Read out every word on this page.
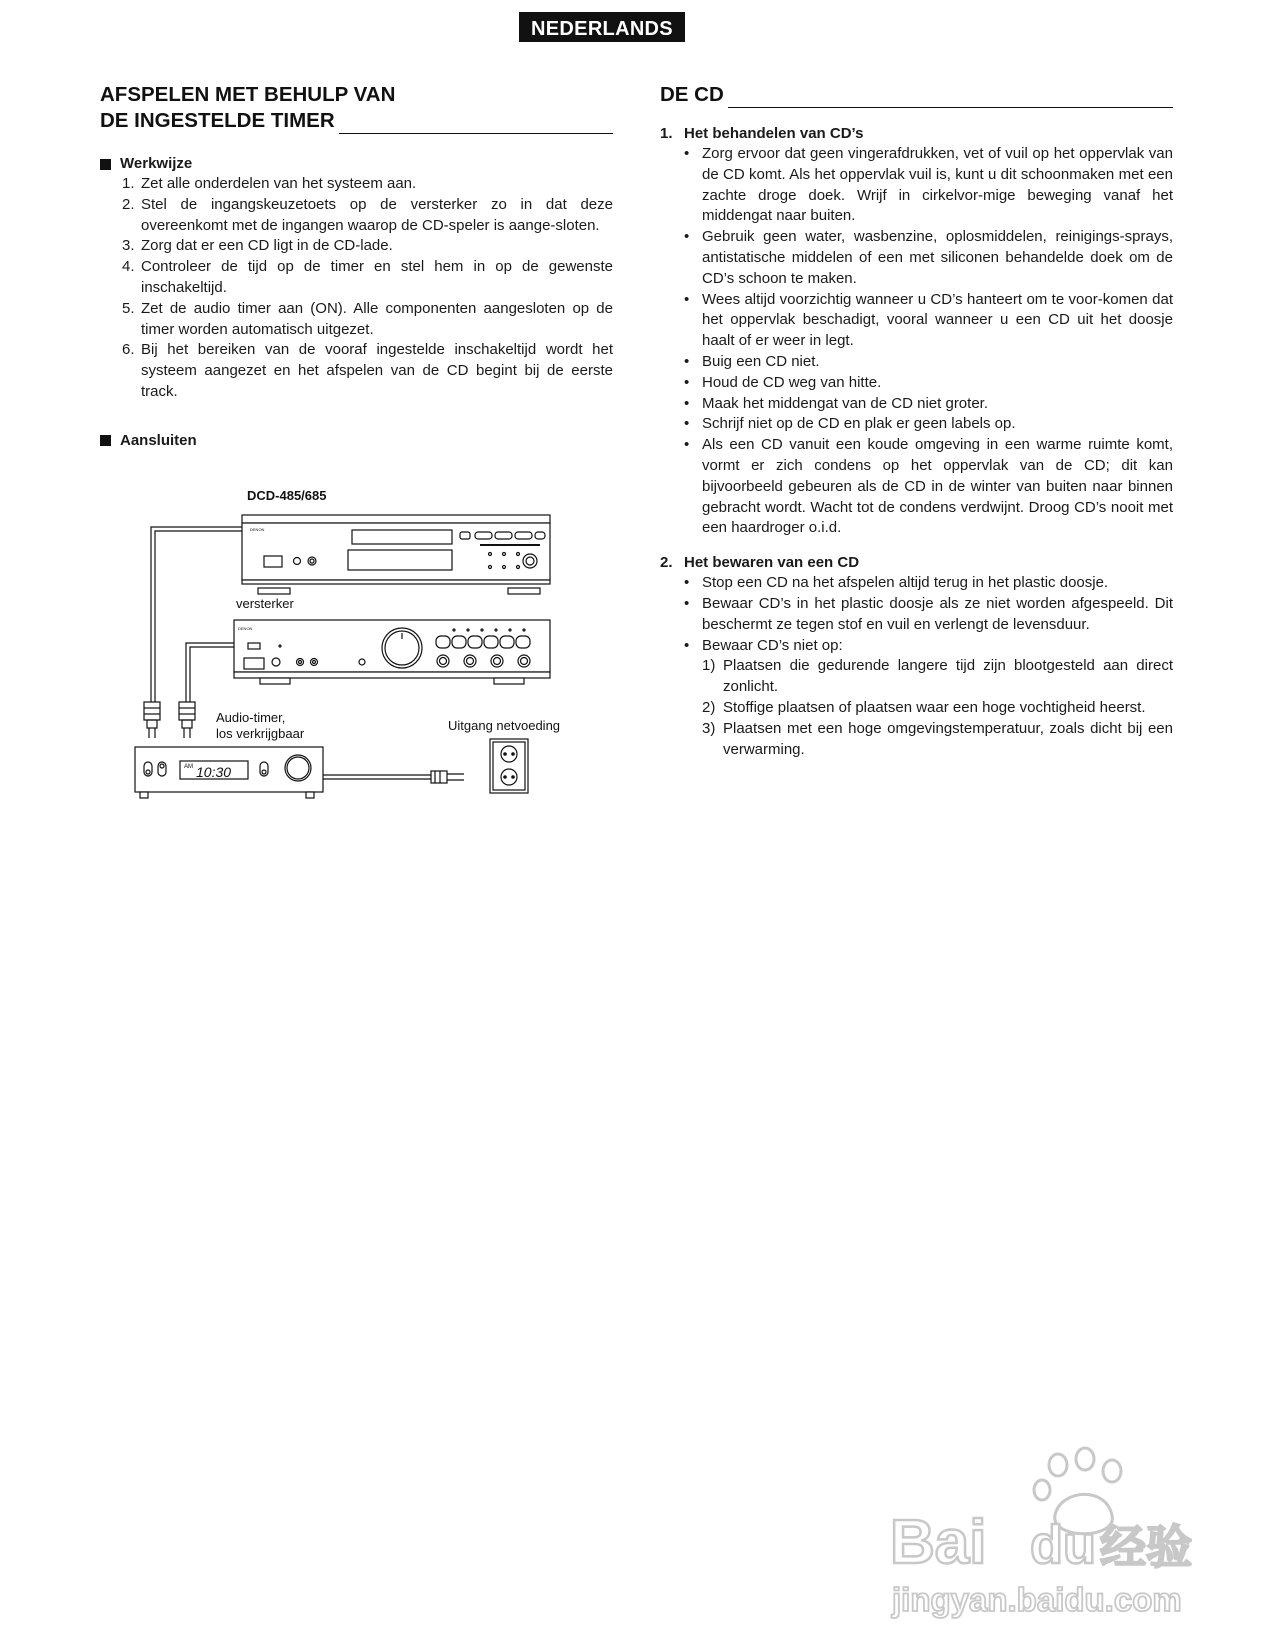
NEDERLANDS
AFSPELEN MET BEHULP VAN
DE INGESTELDE TIMER
Werkwijze
1. Zet alle onderdelen van het systeem aan.
2. Stel de ingangskeuzetoets op de versterker zo in dat deze overeenkomt met de ingangen waarop de CD-speler is aange-sloten.
3. Zorg dat er een CD ligt in de CD-lade.
4. Controleer de tijd op de timer en stel hem in op de gewenste inschakeltijd.
5. Zet de audio timer aan (ON). Alle componenten aangesloten op de timer worden automatisch uitgezet.
6. Bij het bereiken van de vooraf ingestelde inschakeltijd wordt het systeem aangezet en het afspelen van de CD begint bij de eerste track.
Aansluiten
DCD-485/685
DENON
versterker
DENON
Audio-timer,
los verkrijgbaar
AM 10:30
Uitgang netvoeding
DE CD
1. Het behandelen van CD’s
• Zorg ervoor dat geen vingerafdrukken, vet of vuil op het oppervlak van de CD komt. Als het oppervlak vuil is, kunt u dit schoonmaken met een zachte droge doek. Wrijf in cirkelvor-mige beweging vanaf het middengat naar buiten.
• Gebruik geen water, wasbenzine, oplosmiddelen, reinigings-sprays, antistatische middelen of een met siliconen behandelde doek om de CD’s schoon te maken.
• Wees altijd voorzichtig wanneer u CD’s hanteert om te voor-komen dat het oppervlak beschadigt, vooral wanneer u een CD uit het doosje haalt of er weer in legt.
• Buig een CD niet.
• Houd de CD weg van hitte.
• Maak het middengat van de CD niet groter.
• Schrijf niet op de CD en plak er geen labels op.
• Als een CD vanuit een koude omgeving in een warme ruimte komt, vormt er zich condens op het oppervlak van de CD; dit kan bijvoorbeeld gebeuren als de CD in de winter van buiten naar binnen gebracht wordt. Wacht tot de condens verdwijnt. Droog CD’s nooit met een haardroger o.i.d.
2. Het bewaren van een CD
• Stop een CD na het afspelen altijd terug in het plastic doosje.
• Bewaar CD’s in het plastic doosje als ze niet worden afgespeeld. Dit beschermt ze tegen stof en vuil en verlengt de levensduur.
• Bewaar CD’s niet op:
1) Plaatsen die gedurende langere tijd zijn blootgesteld aan direct zonlicht.
2) Stoffige plaatsen of plaatsen waar een hoge vochtigheid heerst.
3) Plaatsen met een hoge omgevingstemperatuur, zoals dicht bij een verwarming.
Bai du 经验
jingyan.baidu.com
